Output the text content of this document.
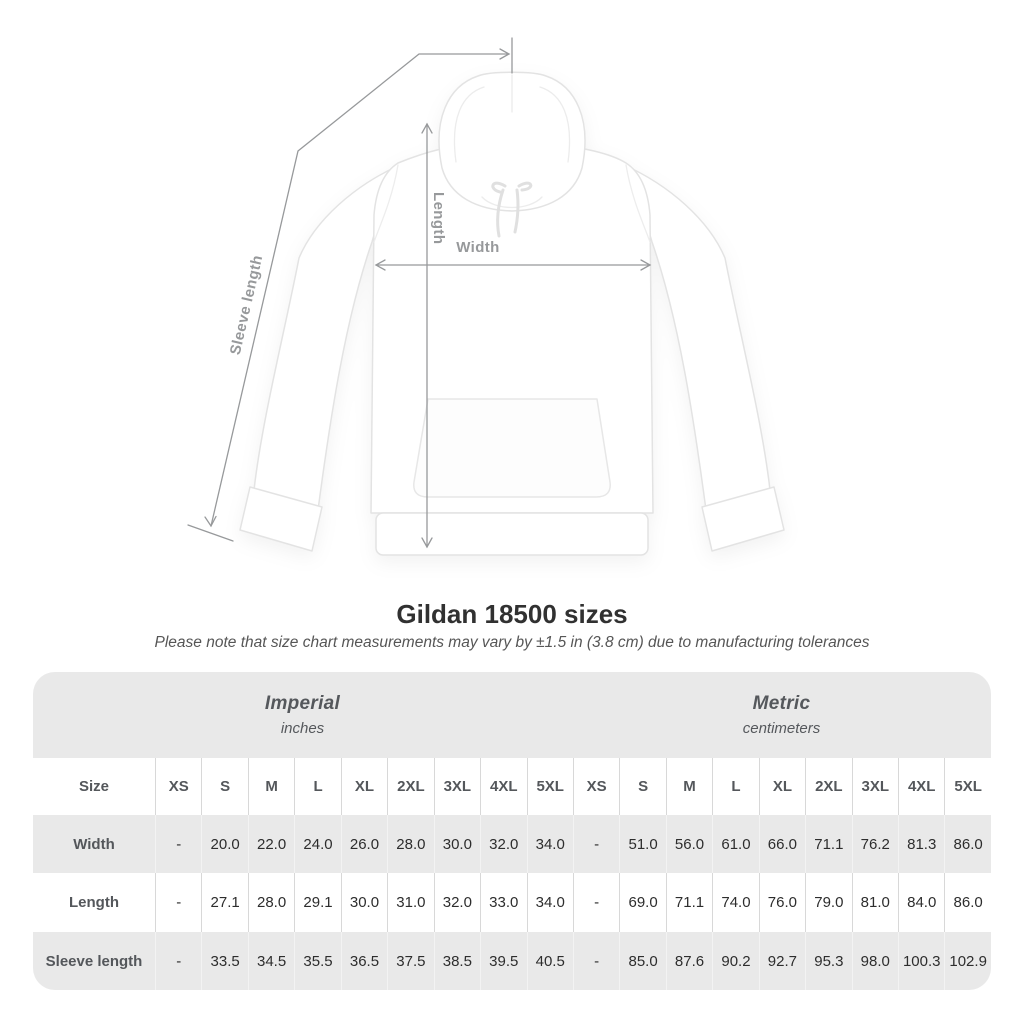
Width
Length
Sleeve length
Gildan 18500 sizes
Please note that size chart measurements may vary by ±1.5 in (3.8 cm) due to manufacturing tolerances
Imperial
inches
Metric
centimeters
Size	XS	S	M	L	XL	2XL	3XL	4XL	5XL	XS	S	M	L	XL	2XL	3XL	4XL	5XL
Width	-	20.0	22.0	24.0	26.0	28.0	30.0	32.0	34.0	-	51.0	56.0	61.0	66.0	71.1	76.2	81.3	86.0
Length	-	27.1	28.0	29.1	30.0	31.0	32.0	33.0	34.0	-	69.0	71.1	74.0	76.0	79.0	81.0	84.0	86.0
Sleeve length	-	33.5	34.5	35.5	36.5	37.5	38.5	39.5	40.5	-	85.0	87.6	90.2	92.7	95.3	98.0 100.3 102.9
